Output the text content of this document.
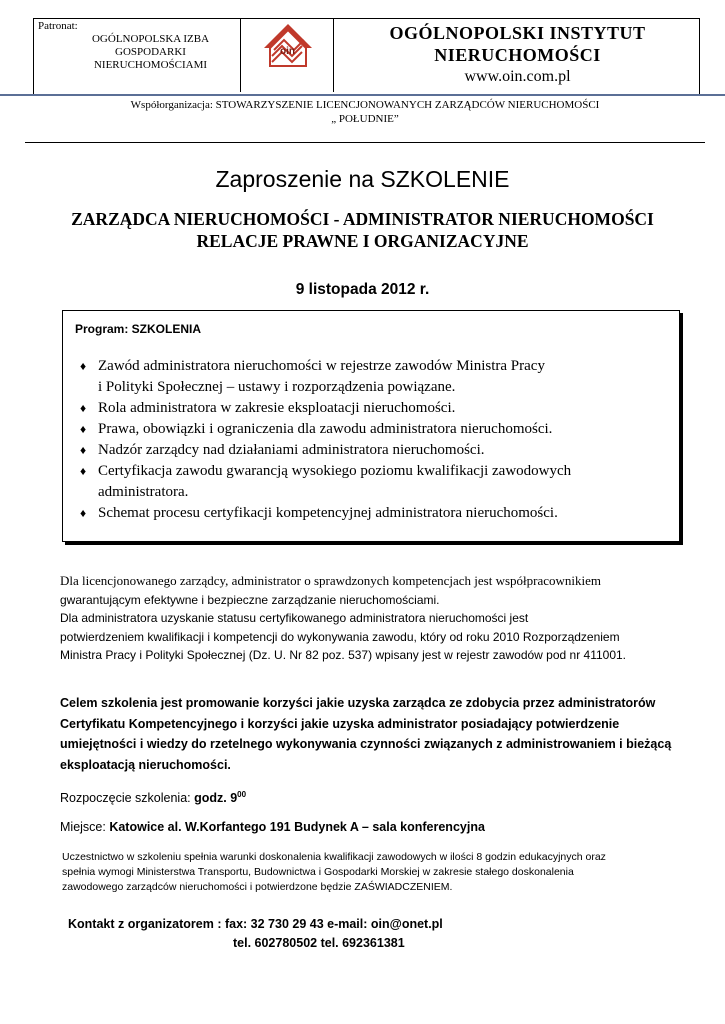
Patronat:
OGÓLNOPOLSKA IZBA
GOSPODARKI
NIERUCHOMOŚCIAMI
oin
OGÓLNOPOLSKI INSTYTUT
NIERUCHOMOŚCI
www.oin.com.pl
Współorganizacja: STOWARZYSZENIE LICENCJONOWANYCH ZARZĄDCÓW NIERUCHOMOŚCI
„ POŁUDNIE”
Zaproszenie na SZKOLENIE
ZARZĄDCA NIERUCHOMOŚCI - ADMINISTRATOR NIERUCHOMOŚCI
RELACJE PRAWNE I ORGANIZACYJNE
9 listopada 2012 r.
Program: SZKOLENIA
♦ Zawód administratora nieruchomości w rejestrze zawodów Ministra Pracy
i Polityki Społecznej – ustawy i rozporządzenia powiązane.
♦ Rola administratora w zakresie eksploatacji nieruchomości.
♦ Prawa, obowiązki i ograniczenia dla zawodu administratora nieruchomości.
♦ Nadzór zarządcy nad działaniami administratora nieruchomości.
♦ Certyfikacja zawodu gwarancją wysokiego poziomu kwalifikacji zawodowych
administratora.
♦ Schemat procesu certyfikacji kompetencyjnej administratora nieruchomości.
Dla licencjonowanego zarządcy, administrator o sprawdzonych kompetencjach jest współpracownikiem
gwarantującym efektywne i bezpieczne zarządzanie nieruchomościami.
Dla administratora uzyskanie statusu certyfikowanego administratora nieruchomości jest
potwierdzeniem kwalifikacji i kompetencji do wykonywania zawodu, który od roku 2010 Rozporządzeniem
Ministra Pracy i Polityki Społecznej (Dz. U. Nr 82 poz. 537) wpisany jest w rejestr zawodów pod nr 411001.
Celem szkolenia jest promowanie korzyści jakie uzyska zarządca ze zdobycia przez administratorów
Certyfikatu Kompetencyjnego i korzyści jakie uzyska administrator posiadający potwierdzenie
umiejętności i wiedzy do rzetelnego wykonywania czynności związanych z administrowaniem i bieżącą
eksploatacją nieruchomości.
Rozpoczęcie szkolenia: godz. $9^{00}$
Miejsce: Katowice al. W.Korfantego 191 Budynek A – sala konferencyjna
Uczestnictwo w szkoleniu spełnia warunki doskonalenia kwalifikacji zawodowych w ilości 8 godzin edukacyjnych oraz
spełnia wymogi Ministerstwa Transportu, Budownictwa i Gospodarki Morskiej w zakresie stałego doskonalenia
zawodowego zarządców nieruchomości i potwierdzone będzie ZAŚWIADCZENIEM.
Kontakt z organizatorem : fax: 32 730 29 43 e-mail: oin@onet.pl
tel. 602780502 tel. 692361381
